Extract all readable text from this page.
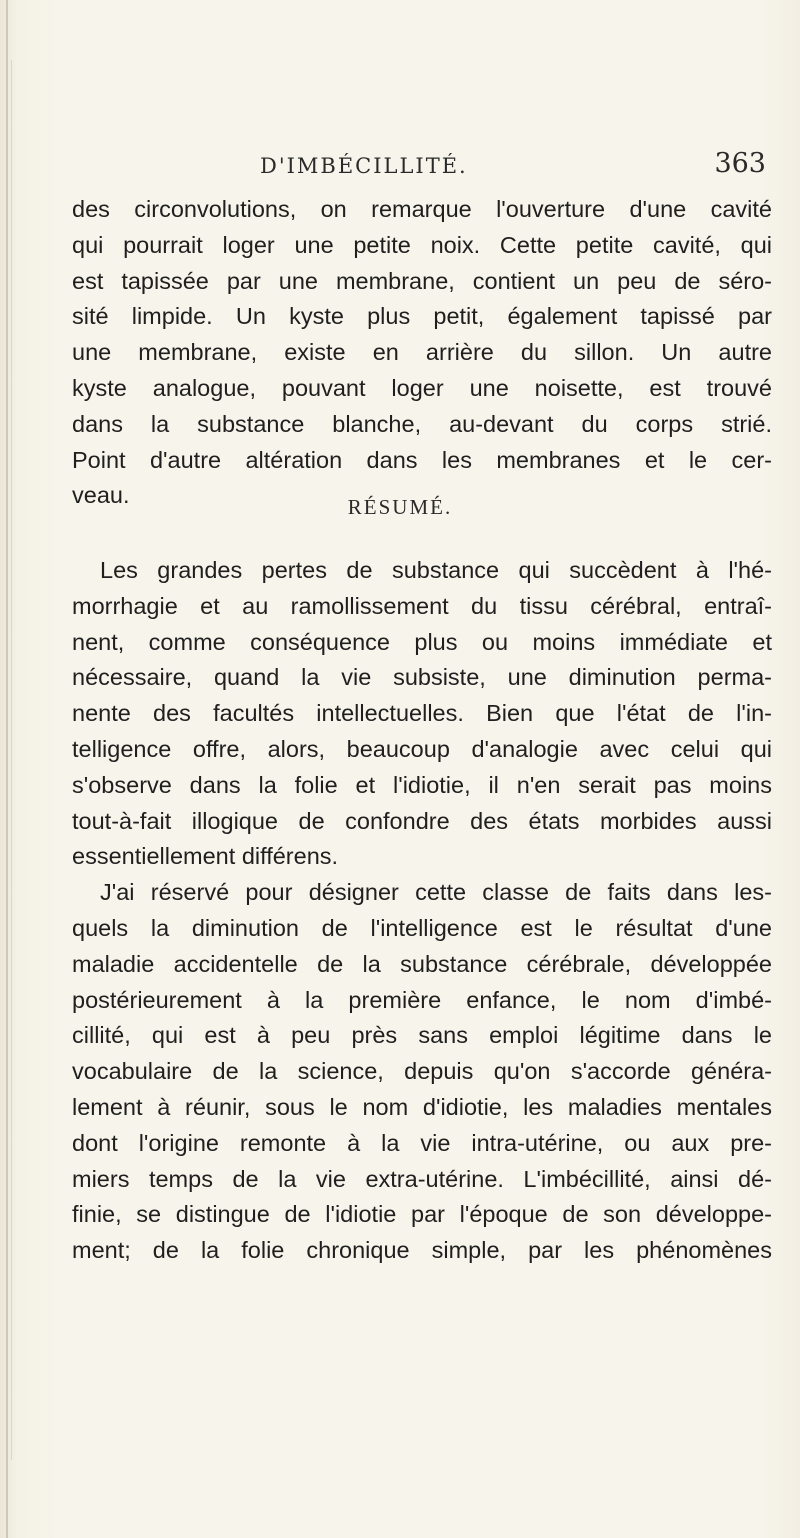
D'IMBÉCILLITÉ.	363
des circonvolutions, on remarque l'ouverture d'une cavité
qui pourrait loger une petite noix. Cette petite cavité, qui
est tapissée par une membrane, contient un peu de séro-
sité limpide. Un kyste plus petit, également tapissé par
une membrane, existe en arrière du sillon. Un autre
kyste analogue, pouvant loger une noisette, est trouvé
dans la substance blanche, au-devant du corps strié.
Point d'autre altération dans les membranes et le cer-
veau.	RÉSUMÉ.
Les grandes pertes de substance qui succèdent à l'hé-
morrhagie et au ramollissement du tissu cérébral, entraî-
nent, comme conséquence plus ou moins immédiate et
nécessaire, quand la vie subsiste, une diminution perma-
nente des facultés intellectuelles. Bien que l'état de l'in-
telligence offre, alors, beaucoup d'analogie avec celui qui
s'observe dans la folie et l'idiotie, il n'en serait pas moins
tout-à-fait illogique de confondre des états morbides aussi
essentiellement différens.
J'ai réservé pour désigner cette classe de faits dans les-
quels la diminution de l'intelligence est le résultat d'une
maladie accidentelle de la substance cérébrale, développée
postérieurement à la première enfance, le nom d'imbé-
cillité, qui est à peu près sans emploi légitime dans le
vocabulaire de la science, depuis qu'on s'accorde généra-
lement à réunir, sous le nom d'idiotie, les maladies mentales
dont l'origine remonte à la vie intra-utérine, ou aux pre-
miers temps de la vie extra-utérine. L'imbécillité, ainsi dé-
finie, se distingue de l'idiotie par l'époque de son développe-
ment; de la folie chronique simple, par les phénomènes
